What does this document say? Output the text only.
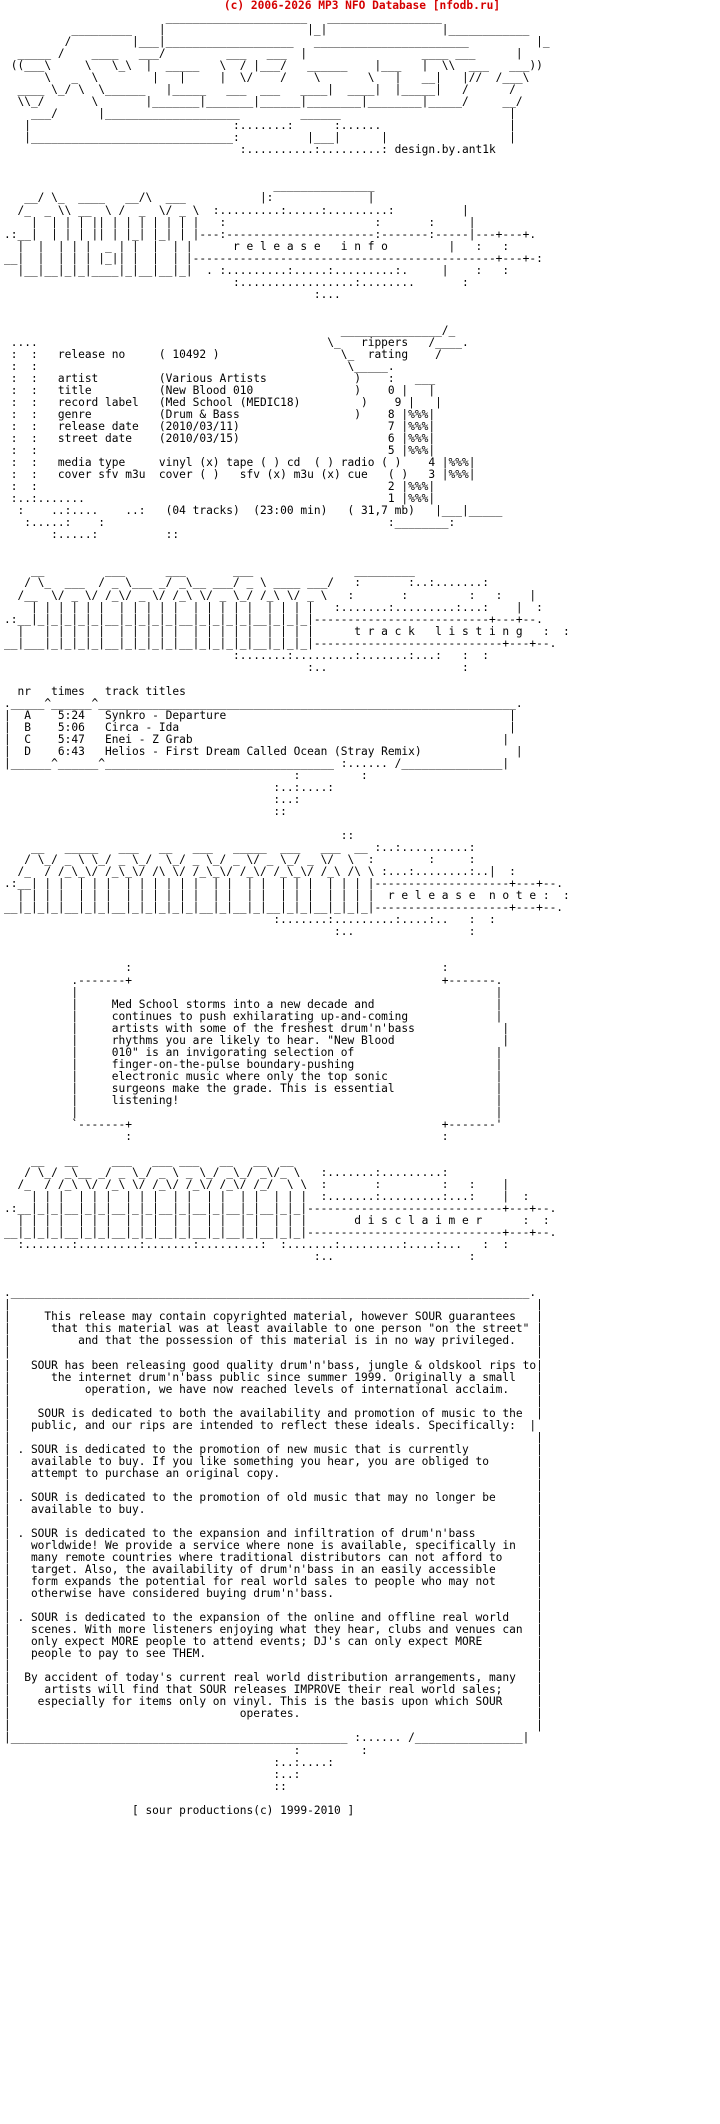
(c) 2006-2026 MP3 NFO Database [nfodb.ru]
_____________________   _________________
_________    |                     |_|                 |____________
/         |___|___________________   _______________________          |_
_____ /    ____   ___/         ___   ___  |                 ____ ___      |
((___\     \   \_\  |  _____   \  / |___/   ______    |___   |  \\  ___   ___))
\   _  \        |   |     |  \/    /    \       \   |   __|   |//  /___\
____ \_/ \  \______   |_____   ___  ___   ____|  ____|  |_____|   /      /
\\_/       \       |_______|_______|______|________|________|_____/     __/
___/      |____________________         ______                         |
|                              :.......:      :......                   |
|______________________________:          |___|      |                  |
:..........:.........: design.by.ant1k

_______________
__/ \_  ____   __/\  ___           |:              |
/_  _ \\ __  \ /  _  \/ _ \  :.........:.....:.........:          |
|  | | | || | | | | | | |   :                      :       :     |
.:__|  | | | || | |_| |_| | |---:----------------------:-------:-----|---+---+.
|  |  | | |  _ | |  |  | |      r e l e a s e   i n f o         |   :   :
__|  |  | | | |_|| |  |  | |---------------------------------------------+---+-:
|__|__|_|_|____|_|__|__|_|  . :.........:.....:.........:.     |    :   :
:.................:........       :
:...

_______________/_
....                                           \_   rippers   /____.
:  :   release no     ( 10492 )                  \_  rating    /
:  :                                              \_____.
:  :   artist         (Various Artists             )    :   ___
:  :   title          (New Blood 010               )    0 |   |
:  :   record label   (Med School (MEDIC18)         )    9 |   |
:  :   genre          (Drum & Bass                 )    8 |%%%|
:  :   release date   (2010/03/11)                      7 |%%%|
:  :   street date    (2010/03/15)                      6 |%%%|
:  :                                                    5 |%%%|
:  :   media type     vinyl (x) tape ( ) cd  ( ) radio ( )    4 |%%%|
:  :   cover sfv m3u  cover ( )   sfv (x) m3u (x) cue   ( )   3 |%%%|
:  :                                                    2 |%%%|
:..:.......                                             1 |%%%|
:    ..:....    ..:   (04 tracks)  (23:00 min)   ( 31,7 mb)   |___|_____
:.....:    :                                          :________:
:.....:          ::

__         ___      ___       ___               _________
/ \_  ___  / _ \___ _/ _\__ ___/ _ \ ____ ___/   :       :..:.......:
/__  \/ _ \/ /_\/ _ \/ /_\ \/ _ \_/ /_\ \/ _ \   :       :         :   :    |
| | | | | |  | | | | |  | | | | |  | | | |   :.......:.........:...:    |  :
.:__|_|_|_|_|_|__|_|_|_|_|__|_|_|_|_|__|_|_|_|--------------------------+---+--.
|   | | | | |  | | | | |  | | | | |  | | | |      t r a c k   l i s t i n g   :  :
__|___|_|_|_|_|__|_|_|_|_|__|_|_|_|_|__|_|_|_|----------------------------+---+--.
:.......:.........:.......:...:   :  :
:..                    :

nr   times   track titles
._____^______^______________________________________________________________.
|  A    5:24   Synkro - Departure                                          |
|  B    5:06   Circa - Ida                                                 |
|  C    5:47   Enei - Z Grab                                              |
|  D    6:43   Helios - First Dream Called Ocean (Stray Remix)              |
|______^______^__________________________________ :...... /_______________|
:         :
:..:....:
:..:
::

::
__   _____   ___   __   ___   _____  ___   ___  __ :..:..........:
/ \_/ _ \ \_/ _ \_/  \_/ _ \_/ _ \/ _ \_/ _ \/  \  :        :     :
/_  / /_\_\/ /_\_\/ /\ \/ /_\_\/ /_\/ /_\_\/ /_\ /\ \ :...:........:..|  :
.:__| | |  | | |  | | | | | |  | |  | |  | | |  | | | |--------------------+---+--.
| | | |  | | |  | | | | | |  | |  | |  | | |  | | | |  r e l e a s e  n o t e :  :
__|_|_|_|__|_|_|__|_|_|_|_|_|__|_|__|_|__|_|_|__|_|_|_|--------------------+---+--.
:.......:.........:....:..   :  :
:..                 :

:                                              :
.-------+                                              +-------.
|                                                              |
|     Med School storms into a new decade and                  |
|     continues to push exhilarating up-and-coming             |
|     artists with some of the freshest drum'n'bass             |
|     rhythms you are likely to hear. "New Blood                |
|     010" is an invigorating selection of                     |
|     finger-on-the-pulse boundary-pushing                     |
|     electronic music where only the top sonic                |
|     surgeons make the grade. This is essential               |
|     listening!                                               |
|                                                              |
`-------+                                              +-------'
:                                              :

__   __     ___   ___ ___   __   __  __
/ \_/ _\__ _/ _ \_/ _ \ _ \_/ _\_/ _\/_ \   :.......:.........:
/_  / /_\ \/ /_\ \/ /_\/ /_\/ /_\/ /_/  \ \  :       :         :   :    |
| | |  | | |  | | |  | |  | |  | |  | | |  :.......:.........:...:    |  :
.:__|_|_|__|_|_|__|_|_|__|_|__|_|__|_|__|_|_|-----------------------------+---+--.
| | | |  | | |  | | |  | |  | |  | |  | | |       d i s c l a i m e r      :  :
__|_|_|_|__|_|_|__|_|_|__|_|__|_|__|_|__|_|_|-----------------------------+---+--.
:.......:.........:.......:.........:  :.......:.........:....:...   :  :
:..                    :

._____________________________________________________________________________.
|                                                                              |
|     This release may contain copyrighted material, however SOUR guarantees   |
|      that this material was at least available to one person "on the street" |
|          and that the possession of this material is in no way privileged.   |
|                                                                              |
|   SOUR has been releasing good quality drum'n'bass, jungle & oldskool rips to|
|      the internet drum'n'bass public since summer 1999. Originally a small   |
|           operation, we have now reached levels of international acclaim.    |
|                                                                              |
|    SOUR is dedicated to both the availability and promotion of music to the  |
|   public, and our rips are intended to reflect these ideals. Specifically:  |
|                                                                              |
| . SOUR is dedicated to the promotion of new music that is currently          |
|   available to buy. If you like something you hear, you are obliged to       |
|   attempt to purchase an original copy.                                      |
|                                                                              |
| . SOUR is dedicated to the promotion of old music that may no longer be      |
|   available to buy.                                                          |
|                                                                              |
| . SOUR is dedicated to the expansion and infiltration of drum'n'bass         |
|   worldwide! We provide a service where none is available, specifically in   |
|   many remote countries where traditional distributors can not afford to     |
|   target. Also, the availability of drum'n'bass in an easily accessible      |
|   form expands the potential for real world sales to people who may not      |
|   otherwise have considered buying drum'n'bass.                              |
|                                                                              |
| . SOUR is dedicated to the expansion of the online and offline real world    |
|   scenes. With more listeners enjoying what they hear, clubs and venues can  |
|   only expect MORE people to attend events; DJ's can only expect MORE        |
|   people to pay to see THEM.                                                 |
|                                                                              |
|  By accident of today's current real world distribution arrangements, many   |
|     artists will find that SOUR releases IMPROVE their real world sales;     |
|    especially for items only on vinyl. This is the basis upon which SOUR     |
|                                  operates.                                   |
|                                                                              |
|__________________________________________________ :...... /________________|
:         :
:..:....:
:..:
::

[ sour productions(c) 1999-2010 ]
